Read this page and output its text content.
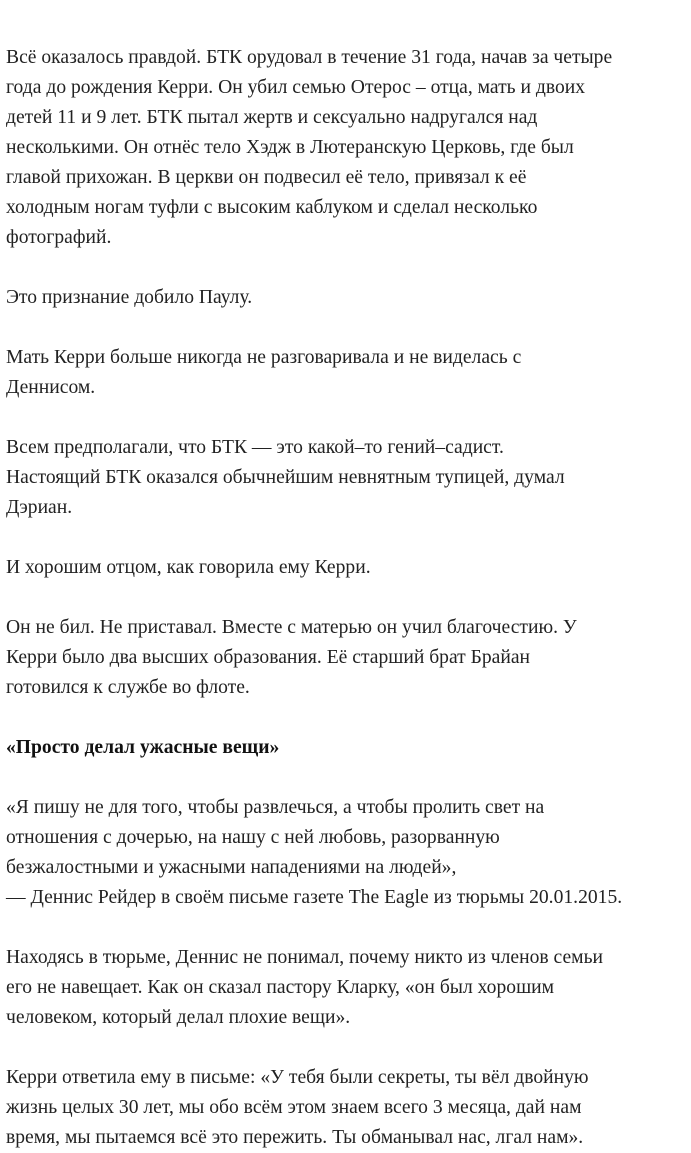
Всё оказалось правдой. БТК орудовал в течение 31 года, начав за четыре
года до рождения Керри. Он убил семью Отерос – отца, мать и двоих
детей 11 и 9 лет. БТК пытал жертв и сексуально надругался над
несколькими. Он отнёс тело Хэдж в Лютеранскую Церковь, где был
главой прихожан. В церкви он подвесил её тело, привязал к её
холодным ногам туфли с высоким каблуком и сделал несколько
фотографий.

Это признание добило Паулу.

Мать Керри больше никогда не разговаривала и не виделась с
Деннисом.

Всем предполагали, что БТК — это какой–то гений–садист.
Настоящий БТК оказался обычнейшим невнятным тупицей, думал
Дэриан.

И хорошим отцом, как говорила ему Керри.

Он не бил. Не приставал. Вместе с матерью он учил благочестию. У
Керри было два высших образования. Её старший брат Брайан
готовился к службе во флоте.

«Просто делал ужасные вещи»

«Я пишу не для того, чтобы развлечься, а чтобы пролить свет на
отношения с дочерью, на нашу с ней любовь, разорванную
безжалостными и ужасными нападениями на людей»,
— Деннис Рейдер в своём письме газете The Eagle из тюрьмы 20.01.2015.

Находясь в тюрьме, Деннис не понимал, почему никто из членов семьи
его не навещает. Как он сказал пастору Кларку, «он был хорошим
человеком, который делал плохие вещи».

Керри ответила ему в письме: «У тебя были секреты, ты вёл двойную
жизнь целых 30 лет, мы обо всём этом знаем всего 3 месяца, дай нам
время, мы пытаемся всё это пережить. Ты обманывал нас, лгал нам».
